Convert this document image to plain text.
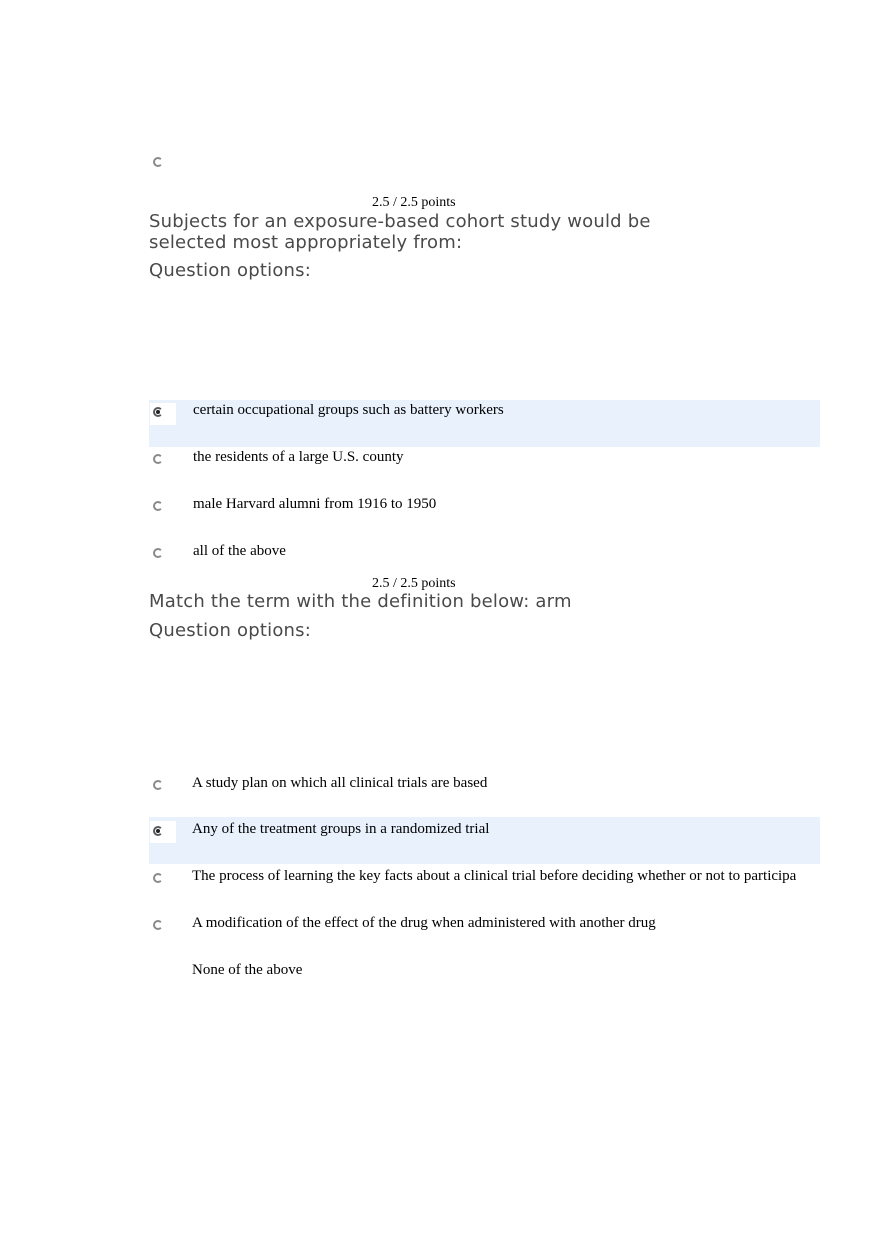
2.5 / 2.5 points
Subjects for an exposure-based cohort study would be selected most appropriately from:
Question options:
certain occupational groups such as battery workers
the residents of a large U.S. county
male Harvard alumni from 1916 to 1950
all of the above
2.5 / 2.5 points
Match the term with the definition below: arm
Question options:
A study plan on which all clinical trials are based
Any of the treatment groups in a randomized trial
The process of learning the key facts about a clinical trial before deciding whether or not to participa
A modification of the effect of the drug when administered with another drug
None of the above
